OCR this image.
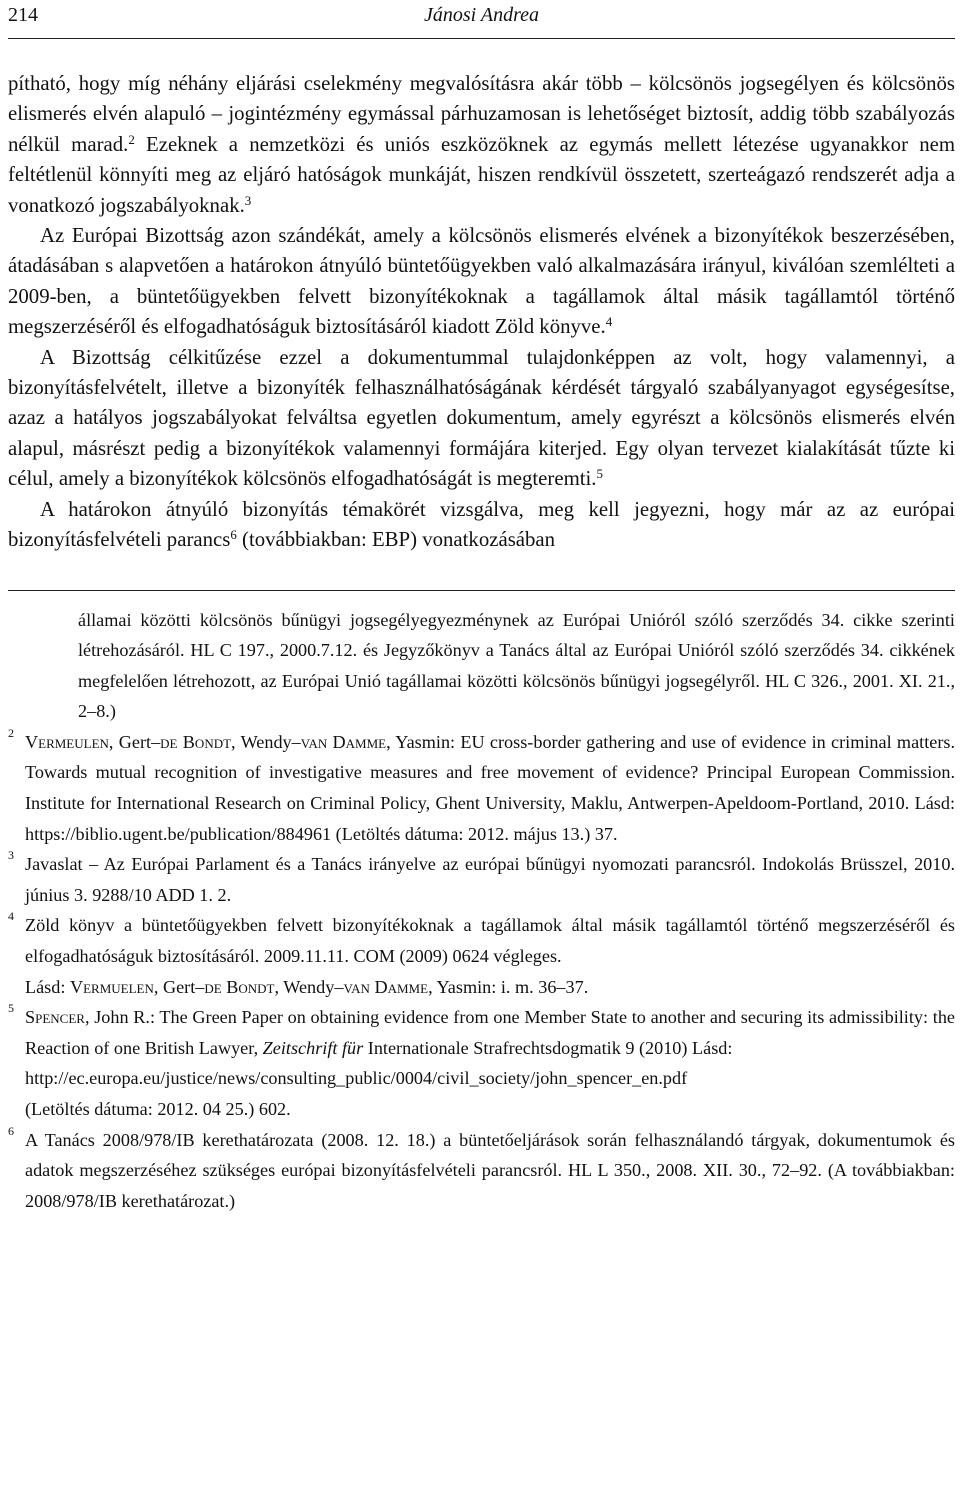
214	Jánosi Andrea

pítható, hogy míg néhány eljárási cselekmény megvalósításra akár több – kölcsönös jogsegélyen és kölcsönös elismerés elvén alapuló – jogintézmény egymással párhuzamosan is lehetőséget biztosít, addig több szabályozás nélkül marad.$^2$ Ezeknek a nemzetközi és uniós eszközöknek az egymás mellett létezése ugyanakkor nem feltétlenül könnyíti meg az eljáró hatóságok munkáját, hiszen rendkívül összetett, szerteágazó rendszerét adja a vonatkozó jogszabályoknak.$^3$

Az Európai Bizottság azon szándékát, amely a kölcsönös elismerés elvének a bizonyítékok beszerzésében, átadásában s alapvetően a határokon átnyúló büntetőügyekben való alkalmazására irányul, kiválóan szemlélteti a 2009-ben, a büntetőügyekben felvett bizonyítékoknak a tagállamok által másik tagállamtól történő megszerzéséről és elfogadhatóságuk biztosításáról kiadott Zöld könyve.$^4$

A Bizottság célkitűzése ezzel a dokumentummal tulajdonképpen az volt, hogy valamennyi, a bizonyításfelvételt, illetve a bizonyíték felhasználhatóságának kérdését tárgyaló szabályanyagot egységesítse, azaz a hatályos jogszabályokat felváltsa egyetlen dokumentum, amely egyrészt a kölcsönös elismerés elvén alapul, másrészt pedig a bizonyítékok valamennyi formájára kiterjed. Egy olyan tervezet kialakítását tűzte ki célul, amely a bizonyítékok kölcsönös elfogadhatóságát is megteremti.$^5$

A határokon átnyúló bizonyítás témakörét vizsgálva, meg kell jegyezni, hogy már az az európai bizonyításfelvételi parancs$^6$ (továbbiakban: EBP) vonatkozásában

államai közötti kölcsönös bűnügyi jogsegélyegyezménynek az Európai Unióról szóló szerződés 34. cikke szerinti létrehozásáról. HL C 197., 2000.7.12. és Jegyzőkönyv a Tanács által az Európai Unióról szóló szerződés 34. cikkének megfelelően létrehozott, az Európai Unió tagállamai közötti kölcsönös bűnügyi jogsegélyről. HL C 326., 2001. XI. 21., 2–8.)

2 Vermeulen, Gert–de Bondt, Wendy–van Damme, Yasmin: EU cross-border gathering and use of evidence in criminal matters. Towards mutual recognition of investigative measures and free movement of evidence? Principal European Commission. Institute for International Research on Criminal Policy, Ghent University, Maklu, Antwerpen-Apeldoom-Portland, 2010. Lásd: https://biblio.ugent.be/publication/884961 (Letöltés dátuma: 2012. május 13.) 37.

3 Javaslat – Az Európai Parlament és a Tanács irányelve az európai bűnügyi nyomozati parancsról. Indokolás Brüsszel, 2010. június 3. 9288/10 ADD 1. 2.

4 Zöld könyv a büntetőügyekben felvett bizonyítékoknak a tagállamok által másik tagállamtól történő megszerzéséről és elfogadhatóságuk biztosításáról. 2009.11.11. COM (2009) 0624 végleges.
Lásd: Vermuelen, Gert–de Bondt, Wendy–van Damme, Yasmin: i. m. 36–37.

5 Spencer, John R.: The Green Paper on obtaining evidence from one Member State to another and securing its admissibility: the Reaction of one British Lawyer, Zeitschrift für Internationale Strafrechtsdogmatik 9 (2010) Lásd:
http://ec.europa.eu/justice/news/consulting_public/0004/civil_society/john_spencer_en.pdf
(Letöltés dátuma: 2012. 04 25.) 602.

6 A Tanács 2008/978/IB kerethatározata (2008. 12. 18.) a büntetőeljárások során felhasználandó tárgyak, dokumentumok és adatok megszerzéséhez szükséges európai bizonyításfelvételi parancsról. HL L 350., 2008. XII. 30., 72–92. (A továbbiakban: 2008/978/IB kerethatározat.)
